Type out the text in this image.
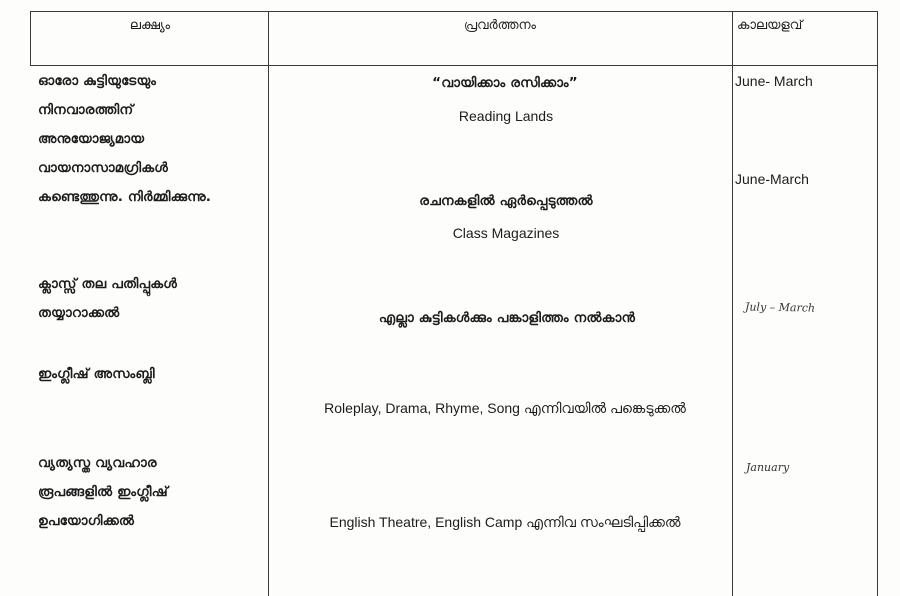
ലക്ഷ്യം	പ്രവർത്തനം	കാലയളവ്
ഓരോ കുട്ടിയുടേയും
നിനവാരത്തിന്
അനുയോജ്യമായ
വായനാസാമഗ്രികൾ
കണ്ടെത്തുന്നു. നിർമ്മിക്കുന്നു.
ക്ലാസ്സ് തല പതിപ്പുകൾ
തയ്യാറാക്കൽ
ഇംഗ്ലീഷ് അസംബ്ലി
വ്യത്യസ്ത വ്യവഹാര
രൂപങ്ങളിൽ ഇംഗ്ലീഷ്
ഉപയോഗിക്കൽ
“വായിക്കാം രസിക്കാം”
Reading Lands
രചനകളിൽ ഏർപ്പെടുത്തൽ
Class Magazines
എല്ലാ കുട്ടികൾക്കും പങ്കാളിത്തം നൽകാൻ
Roleplay, Drama, Rhyme, Song എന്നിവയിൽ പങ്കെടുക്കൽ
English Theatre, English Camp എന്നിവ സംഘടിപ്പിക്കൽ
June- March
June-March
July – March
January
